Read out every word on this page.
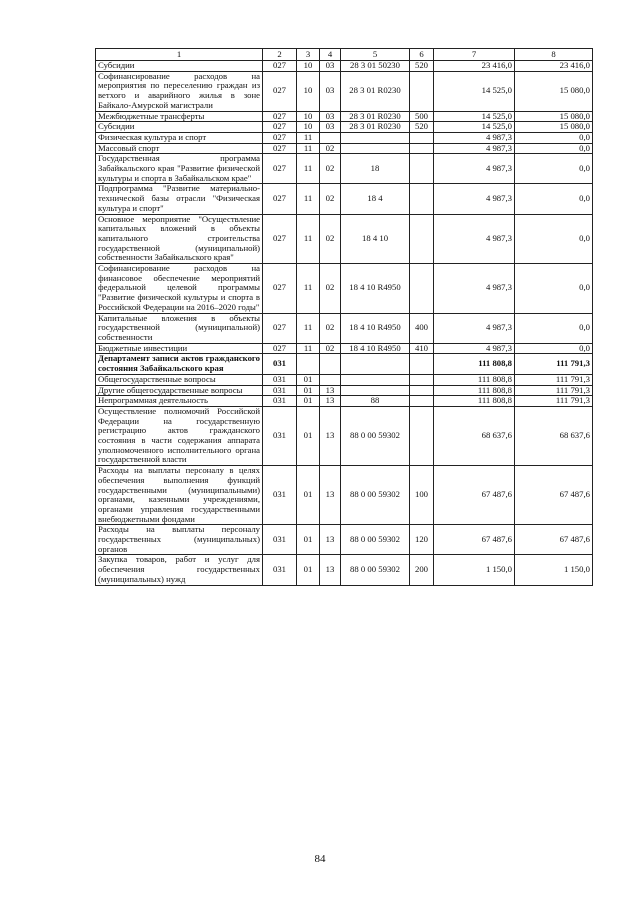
1	2	3	4	5	6	7	8
Субсидии	027	10	03	28 3 01 50230	520	23 416,0	23 416,0
Софинансирование расходов на мероприятия по переселению граждан из ветхого и аварийного жилья в зоне Байкало-Амурской магистрали	027	10	03	28 3 01 R0230		14 525,0	15 080,0
Межбюджетные трансферты	027	10	03	28 3 01 R0230	500	14 525,0	15 080,0
Субсидии	027	10	03	28 3 01 R0230	520	14 525,0	15 080,0
Физическая культура и спорт	027	11				4 987,3	0,0
Массовый спорт	027	11	02			4 987,3	0,0
Государственная программа Забайкальского края "Развитие физической культуры и спорта в Забайкальском крае"	027	11	02	18		4 987,3	0,0
Подпрограмма "Развитие материально-технической базы отрасли "Физическая культура и спорт"	027	11	02	18 4		4 987,3	0,0
Основное мероприятие "Осуществление капитальных вложений в объекты капитального строительства государственной (муниципальной) собственности Забайкальского края"	027	11	02	18 4 10		4 987,3	0,0
Софинансирование расходов на финансовое обеспечение мероприятий федеральной целевой программы "Развитие физической культуры и спорта в Российской Федерации на 2016–2020 годы"	027	11	02	18 4 10 R4950		4 987,3	0,0
Капитальные вложения в объекты государственной (муниципальной) собственности	027	11	02	18 4 10 R4950	400	4 987,3	0,0
Бюджетные инвестиции	027	11	02	18 4 10 R4950	410	4 987,3	0,0
Департамент записи актов гражданского состояния Забайкальского края	031					111 808,8	111 791,3
Общегосударственные вопросы	031	01				111 808,8	111 791,3
Другие общегосударственные вопросы	031	01	13			111 808,8	111 791,3
Непрограммная деятельность	031	01	13	88		111 808,8	111 791,3
Осуществление полномочий Российской Федерации на государственную регистрацию актов гражданского состояния в части содержания аппарата уполномоченного исполнительного органа государственной власти	031	01	13	88 0 00 59302		68 637,6	68 637,6
Расходы на выплаты персоналу в целях обеспечения выполнения функций государственными (муниципальными) органами, казенными учреждениями, органами управления государственными внебюджетными фондами	031	01	13	88 0 00 59302	100	67 487,6	67 487,6
Расходы на выплаты персоналу государственных (муниципальных) органов	031	01	13	88 0 00 59302	120	67 487,6	67 487,6
Закупка товаров, работ и услуг для обеспечения государственных (муниципальных) нужд	031	01	13	88 0 00 59302	200	1 150,0	1 150,0
84
